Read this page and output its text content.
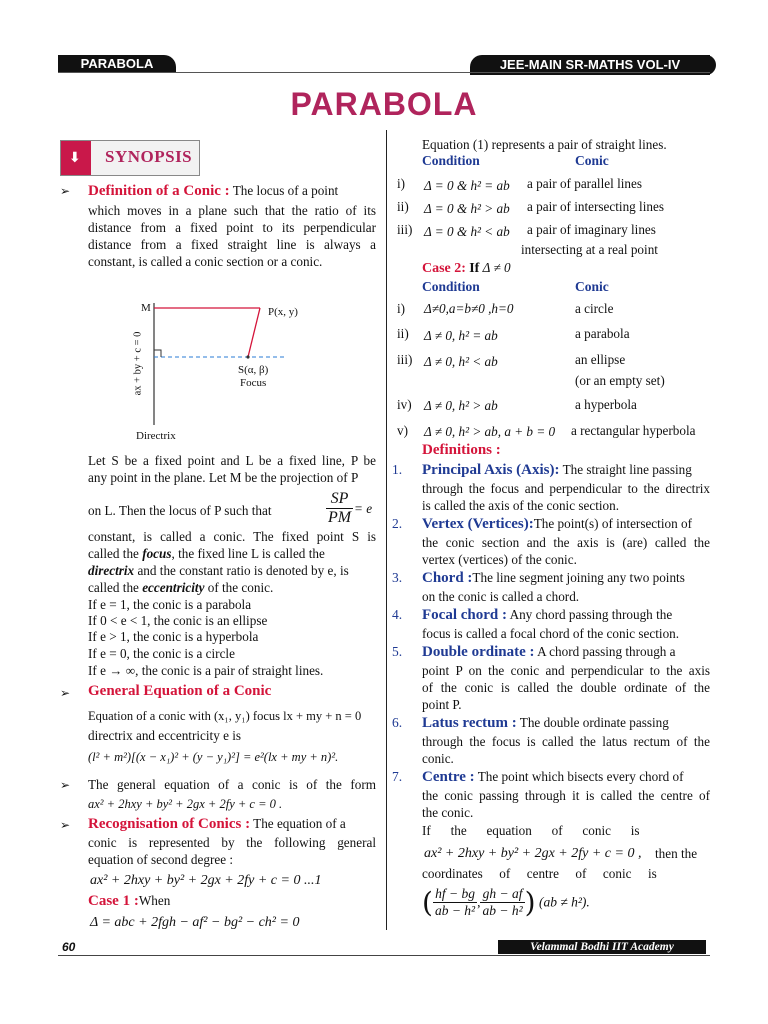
PARABOLA	JEE-MAIN SR-MATHS VOL-IV
PARABOLA
⬇ SYNOPSIS
➢ Definition of a Conic : The locus of a point
which moves in a plane such that the ratio of its
distance from a fixed point to its perpendicular
distance from a fixed straight line is always a
constant, is called a conic section or a conic.
M	P(x, y)
S(α, β)
Focus
ax + by + c = 0
Directrix
Let S be a fixed point and L be a fixed line, P be
any point in the plane. Let M be the projection of P
on L. Then the locus of P such that	$\frac{SP}{PM} = e$
constant, is called a conic. The fixed point S is
called the focus, the fixed line L is called the
directrix and the constant ratio is denoted by e, is
called the eccentricity of the conic.
If e = 1, the conic is a parabola
If 0 < e < 1, the conic is an ellipse
If e > 1, the conic is a hyperbola
If e = 0, the conic is a circle
If e → ∞, the conic is a pair of straight lines.
➢ General Equation of a Conic
Equation of a conic with (x₁, y₁) focus lx + my + n = 0
directrix and eccentricity e is
(l² + m²)[(x − x₁)² + (y − y₁)²] = e²(lx + my + n)².
➢ The general equation of a conic is of the form
ax² + 2hxy + by² + 2gx + 2fy + c = 0 .
➢ Recognisation of Conics : The equation of a
conic is represented by the following general
equation of second degree :
ax² + 2hxy + by² + 2gx + 2fy + c = 0 ...1
Case 1 :When
Δ = abc + 2fgh − af² − bg² − ch² = 0
Equation (1) represents a pair of straight lines.
Condition	Conic
i) Δ = 0 & h² = ab a pair of parallel lines
ii) Δ = 0 & h² > ab a pair of intersecting lines
iii) Δ = 0 & h² < ab a pair of imaginary lines
intersecting at a real point
Case 2: If Δ ≠ 0
Condition	Conic
i) Δ≠0,a=b≠0 ,h=0	a circle
ii) Δ ≠ 0, h² = ab	a parabola
iii) Δ ≠ 0, h² < ab	an ellipse
(or an empty set)
iv) Δ ≠ 0, h² > ab	a hyperbola
v) Δ ≠ 0, h² > ab, a + b = 0 a rectangular hyperbola
Definitions :
1. Principal Axis (Axis): The straight line passing
through the focus and perpendicular to the directrix
is called the axis of the conic section.
2. Vertex (Vertices):The point(s) of intersection of
the conic section and the axis is (are) called the
vertex (vertices) of the conic.
3. Chord :The line segment joining any two points
on the conic is called a chord.
4. Focal chord : Any chord passing through the
focus is called a focal chord of the conic section.
5. Double ordinate : A chord passing through a
point P on the conic and perpendicular to the axis
of the conic is called the double ordinate of the
point P.
6. Latus rectum : The double ordinate passing
through the focus is called the latus rectum of the
conic.
7. Centre : The point which bisects every chord of
the conic passing through it is called the centre of
the conic.
If      the      equation      of      conic      is
ax² + 2hxy + by² + 2gx + 2fy + c = 0 , then the
coordinates     of     centre     of     conic     is
( $\frac{hf - bg}{\text{ab − h²}}$ , $\frac{gh - af}{\text{ab − h²}}$ ) (ab ≠ h²).
60	Velammal Bodhi IIT Academy
